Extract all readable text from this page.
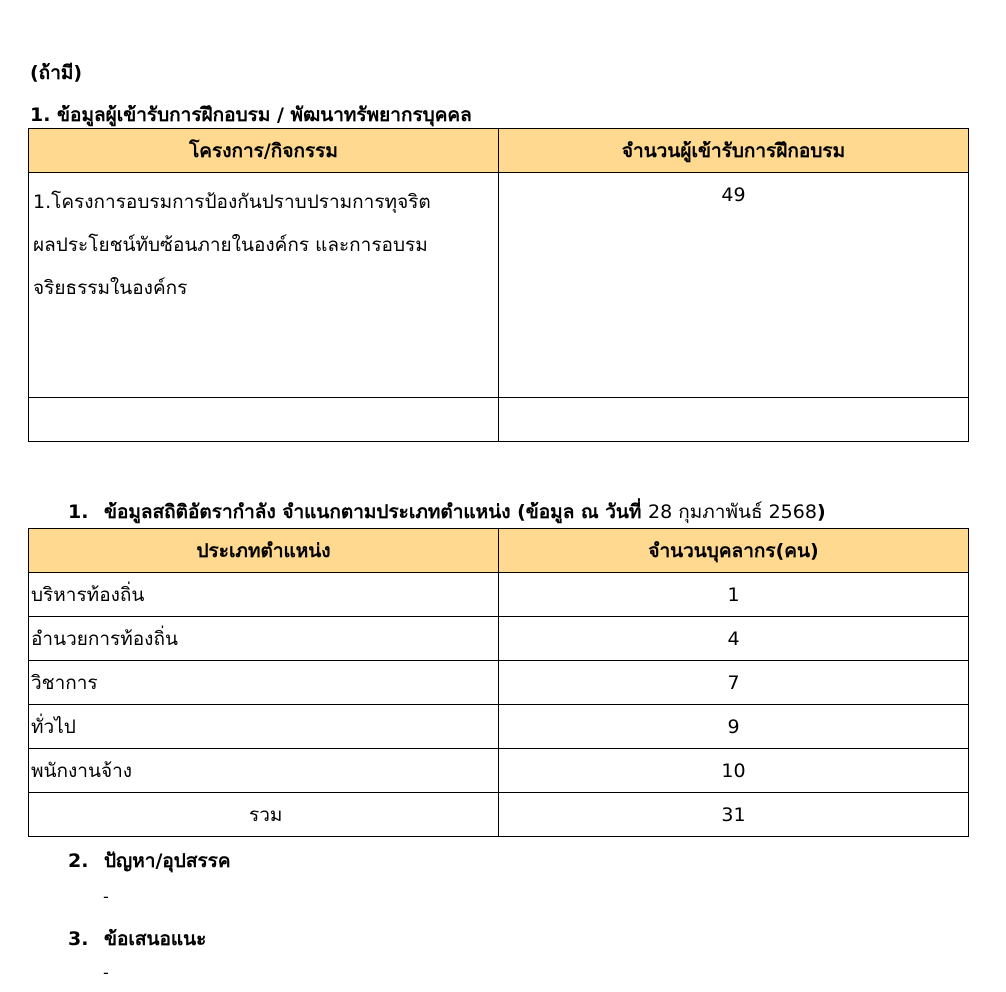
(ถ้ามี)
1. ข้อมูลผู้เข้ารับการฝึกอบรม / พัฒนาทรัพยากรบุคคล
โครงการ/กิจกรรม	จำนวนผู้เข้ารับการฝึกอบรม

1.โครงการอบรมการป้องกันปราบปรามการทุจริต
ผลประโยชน์ทับซ้อนภายในองค์กร และการอบรม
จริยธรรมในองค์กร	49

1. ข้อมูลสถิติอัตรากำลัง จำแนกตามประเภทตำแหน่ง (ข้อมูล ณ วันที่ 28 กุมภาพันธ์ 2568)
ประเภทตำแหน่ง	จำนวนบุคลากร(คน)
บริหารท้องถิ่น	1
อำนวยการท้องถิ่น	4
วิชาการ	7
ทั่วไป	9
พนักงานจ้าง	10
รวม	31
2. ปัญหา/อุปสรรค
-
3. ข้อเสนอแนะ
-
